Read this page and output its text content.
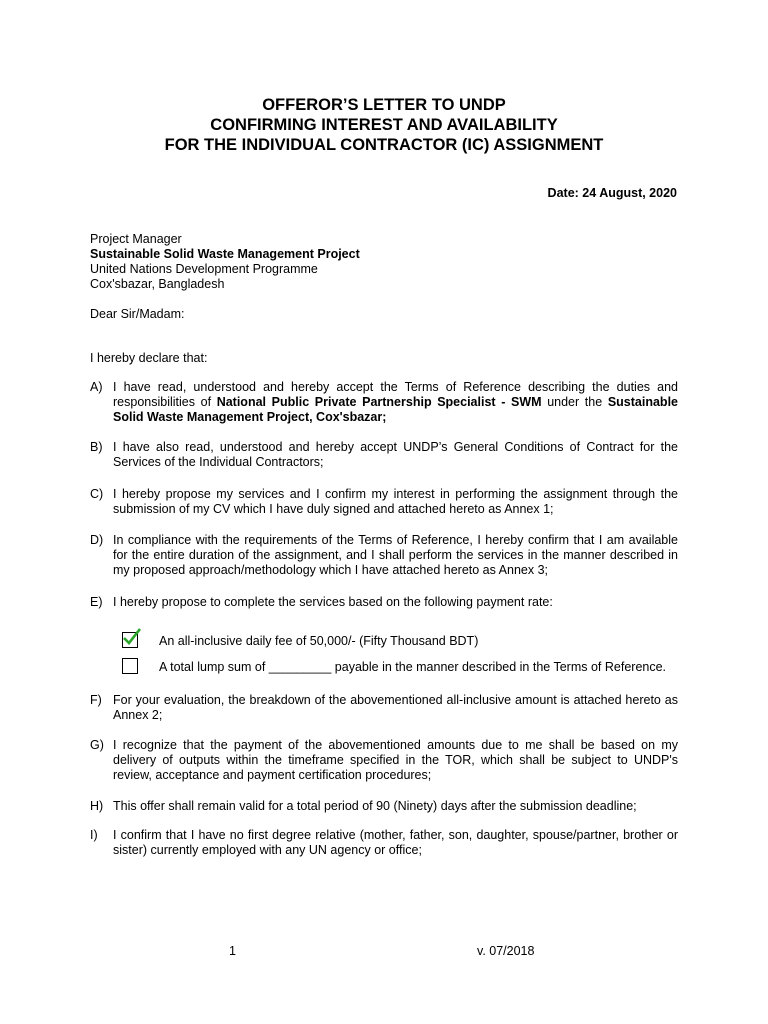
OFFEROR’S LETTER TO UNDP
CONFIRMING INTEREST AND AVAILABILITY
FOR THE INDIVIDUAL CONTRACTOR (IC) ASSIGNMENT
Date: 24 August, 2020
Project Manager
Sustainable Solid Waste Management Project
United Nations Development Programme
Cox'sbazar, Bangladesh
Dear Sir/Madam:
I hereby declare that:
A) I have read, understood and hereby accept the Terms of Reference describing the duties and responsibilities of National Public Private Partnership Specialist - SWM under the Sustainable Solid Waste Management Project, Cox'sbazar;
B) I have also read, understood and hereby accept UNDP’s General Conditions of Contract for the Services of the Individual Contractors;
C) I hereby propose my services and I confirm my interest in performing the assignment through the submission of my CV which I have duly signed and attached hereto as Annex 1;
D) In compliance with the requirements of the Terms of Reference, I hereby confirm that I am available for the entire duration of the assignment, and I shall perform the services in the manner described in my proposed approach/methodology which I have attached hereto as Annex 3;
E) I hereby propose to complete the services based on the following payment rate:
An all-inclusive daily fee of 50,000/- (Fifty Thousand BDT)
A total lump sum of _________ payable in the manner described in the Terms of Reference.
F) For your evaluation, the breakdown of the abovementioned all-inclusive amount is attached hereto as Annex 2;
G) I recognize that the payment of the abovementioned amounts due to me shall be based on my delivery of outputs within the timeframe specified in the TOR, which shall be subject to UNDP's review, acceptance and payment certification procedures;
H) This offer shall remain valid for a total period of 90 (Ninety) days after the submission deadline;
I) I confirm that I have no first degree relative (mother, father, son, daughter, spouse/partner, brother or sister) currently employed with any UN agency or office;
1	v. 07/2018
